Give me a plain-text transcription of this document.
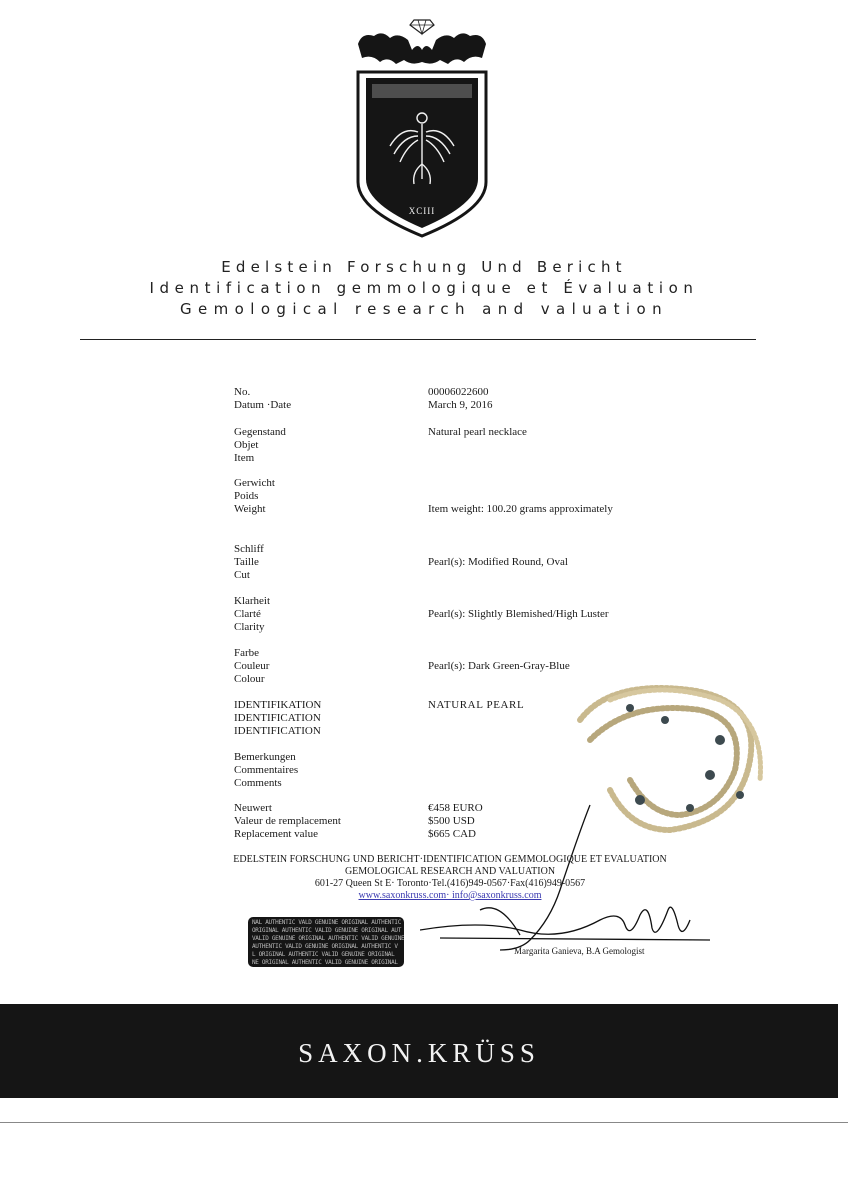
XCIII
Edelstein Forschung Und Bericht
Identification gemmologique et Évaluation
Gemological research and valuation
No.
Datum ·Date
Gegenstand
Objet
Item
Gerwicht
Poids
Weight
Schliff
Taille
Cut
Klarheit
Clarté
Clarity
Farbe
Couleur
Colour
IDENTIFIKATION
IDENTIFICATION
IDENTIFICATION
Bemerkungen
Commentaires
Comments
Neuwert
Valeur de remplacement
Replacement value
00006022600
March 9, 2016
Natural pearl necklace
Item weight: 100.20 grams approximately
Pearl(s): Modified Round, Oval
Pearl(s): Slightly Blemished/High Luster
Pearl(s): Dark Green-Gray-Blue
NATURAL PEARL
€458 EURO
$500 USD
$665 CAD
EDELSTEIN FORSCHUNG UND BERICHT·IDENTIFICATION GEMMOLOGIQUE ET EVALUATION
GEMOLOGICAL RESEARCH AND VALUATION
601-27 Queen St E· Toronto·Tel.(416)949-0567·Fax(416)949-0567
www.saxonkruss.com· info@saxonkruss.com
NAL AUTHENTIC VALD GENUINE ORIGINAL AUTHENTIC
ORIGINAL AUTHENTIC VALID GENUINE ORIGINAL AUT
VALID GENUINE ORIGINAL AUTHENTIC VALID GENUINE
AUTHENTIC VALID GENUINE ORIGINAL AUTHENTIC V
L ORIGINAL AUTHENTIC VALID GENUINE ORIGINAL
NE ORIGINAL AUTHENTIC VALID GENUINE ORIGINAL
Margarita Ganieva, B.A Gemologist
SAXON.KRÜSS
